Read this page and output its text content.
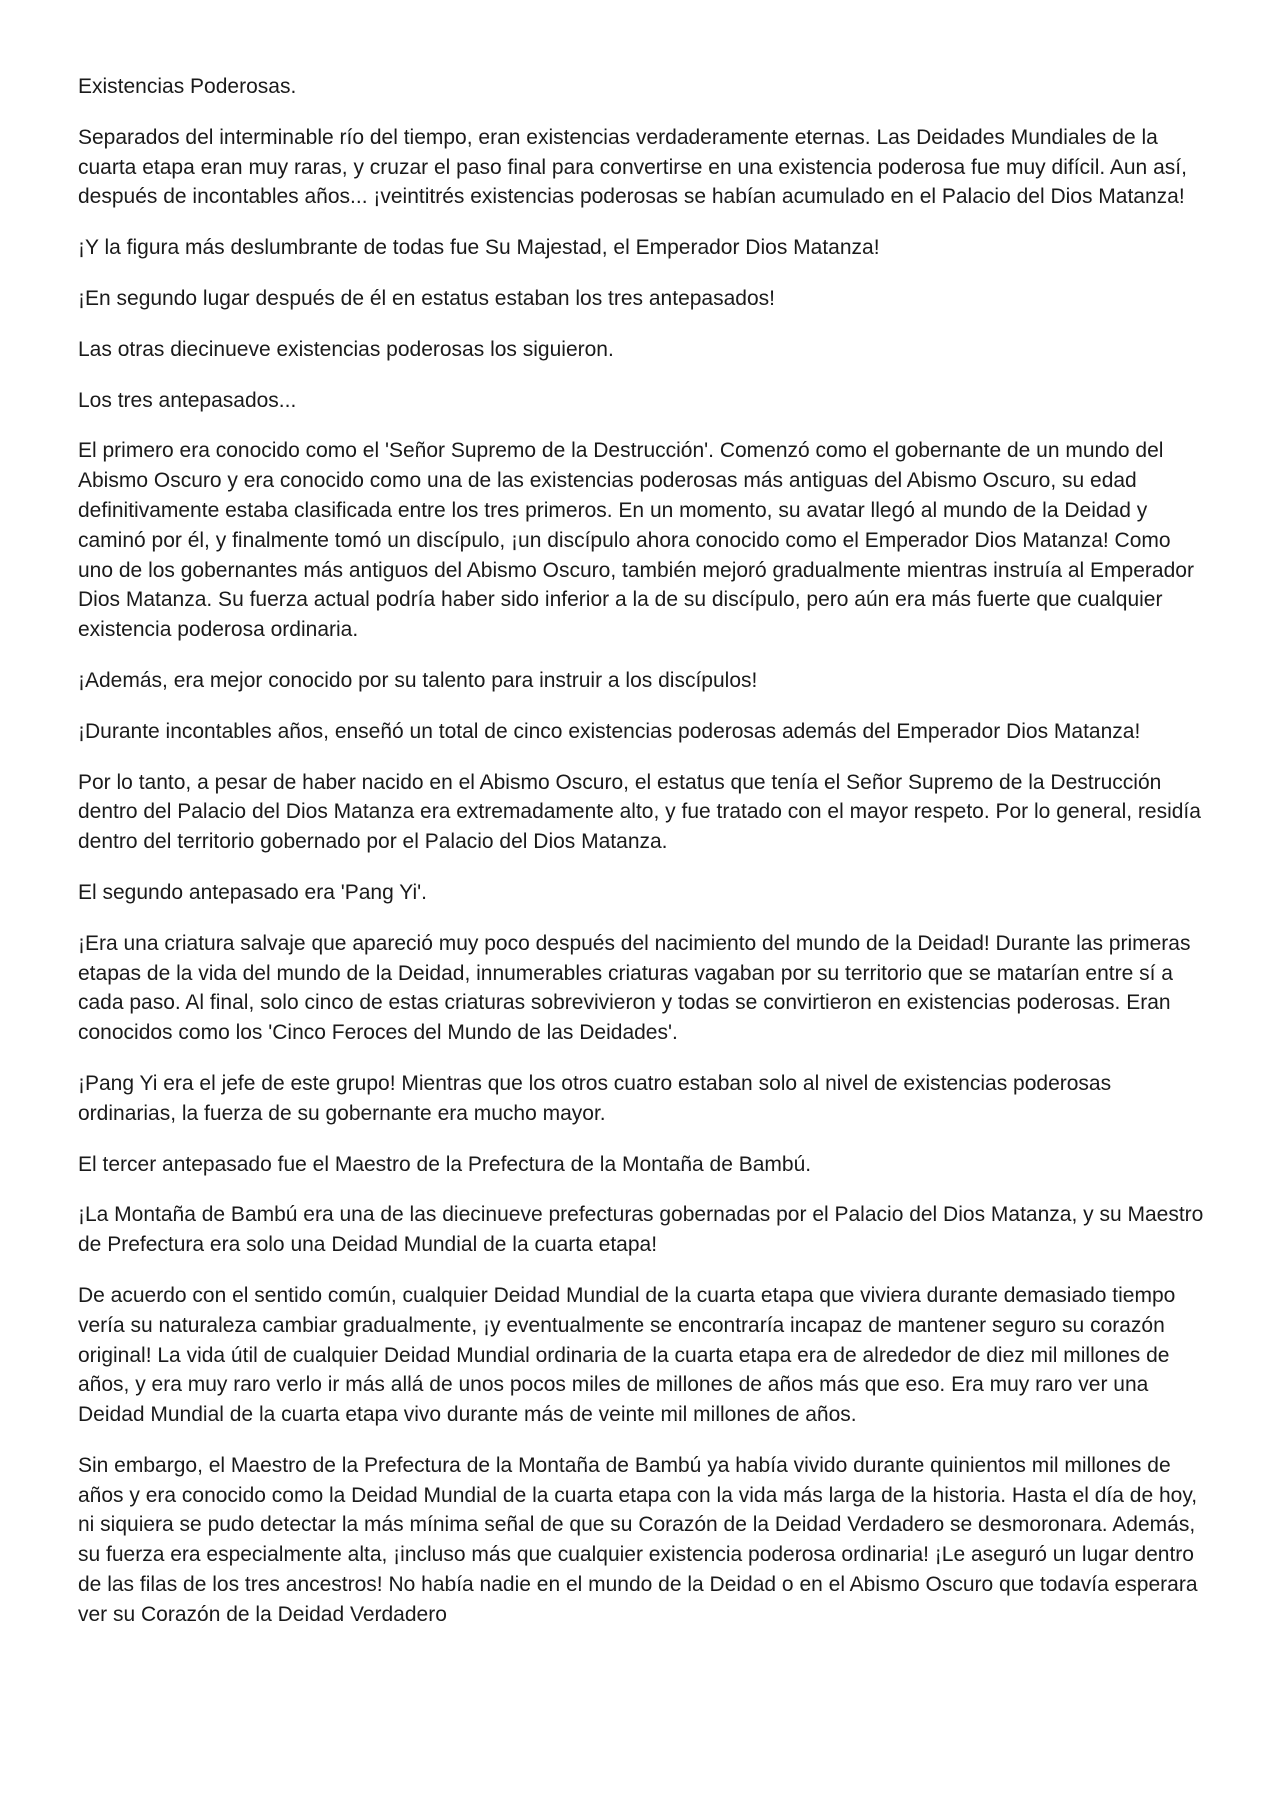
Existencias Poderosas.

Separados del interminable río del tiempo, eran existencias verdaderamente eternas. Las Deidades Mundiales de la cuarta etapa eran muy raras, y cruzar el paso final para convertirse en una existencia poderosa fue muy difícil. Aun así, después de incontables años... ¡veintitrés existencias poderosas se habían acumulado en el Palacio del Dios Matanza!

¡Y la figura más deslumbrante de todas fue Su Majestad, el Emperador Dios Matanza!

¡En segundo lugar después de él en estatus estaban los tres antepasados!

Las otras diecinueve existencias poderosas los siguieron.

Los tres antepasados...

El primero era conocido como el 'Señor Supremo de la Destrucción'. Comenzó como el gobernante de un mundo del Abismo Oscuro y era conocido como una de las existencias poderosas más antiguas del Abismo Oscuro, su edad definitivamente estaba clasificada entre los tres primeros. En un momento, su avatar llegó al mundo de la Deidad y caminó por él, y finalmente tomó un discípulo, ¡un discípulo ahora conocido como el Emperador Dios Matanza! Como uno de los gobernantes más antiguos del Abismo Oscuro, también mejoró gradualmente mientras instruía al Emperador Dios Matanza. Su fuerza actual podría haber sido inferior a la de su discípulo, pero aún era más fuerte que cualquier existencia poderosa ordinaria.

¡Además, era mejor conocido por su talento para instruir a los discípulos!

¡Durante incontables años, enseñó un total de cinco existencias poderosas además del Emperador Dios Matanza!

Por lo tanto, a pesar de haber nacido en el Abismo Oscuro, el estatus que tenía el Señor Supremo de la Destrucción dentro del Palacio del Dios Matanza era extremadamente alto, y fue tratado con el mayor respeto. Por lo general, residía dentro del territorio gobernado por el Palacio del Dios Matanza.

El segundo antepasado era 'Pang Yi'.

¡Era una criatura salvaje que apareció muy poco después del nacimiento del mundo de la Deidad! Durante las primeras etapas de la vida del mundo de la Deidad, innumerables criaturas vagaban por su territorio que se matarían entre sí a cada paso. Al final, solo cinco de estas criaturas sobrevivieron y todas se convirtieron en existencias poderosas. Eran conocidos como los 'Cinco Feroces del Mundo de las Deidades'.

¡Pang Yi era el jefe de este grupo! Mientras que los otros cuatro estaban solo al nivel de existencias poderosas ordinarias, la fuerza de su gobernante era mucho mayor.

El tercer antepasado fue el Maestro de la Prefectura de la Montaña de Bambú.

¡La Montaña de Bambú era una de las diecinueve prefecturas gobernadas por el Palacio del Dios Matanza, y su Maestro de Prefectura era solo una Deidad Mundial de la cuarta etapa!

De acuerdo con el sentido común, cualquier Deidad Mundial de la cuarta etapa que viviera durante demasiado tiempo vería su naturaleza cambiar gradualmente, ¡y eventualmente se encontraría incapaz de mantener seguro su corazón original! La vida útil de cualquier Deidad Mundial ordinaria de la cuarta etapa era de alrededor de diez mil millones de años, y era muy raro verlo ir más allá de unos pocos miles de millones de años más que eso. Era muy raro ver una Deidad Mundial de la cuarta etapa vivo durante más de veinte mil millones de años.

Sin embargo, el Maestro de la Prefectura de la Montaña de Bambú ya había vivido durante quinientos mil millones de años y era conocido como la Deidad Mundial de la cuarta etapa con la vida más larga de la historia. Hasta el día de hoy, ni siquiera se pudo detectar la más mínima señal de que su Corazón de la Deidad Verdadero se desmoronara. Además, su fuerza era especialmente alta, ¡incluso más que cualquier existencia poderosa ordinaria! ¡Le aseguró un lugar dentro de las filas de los tres ancestros! No había nadie en el mundo de la Deidad o en el Abismo Oscuro que todavía esperara ver su Corazón de la Deidad Verdadero
